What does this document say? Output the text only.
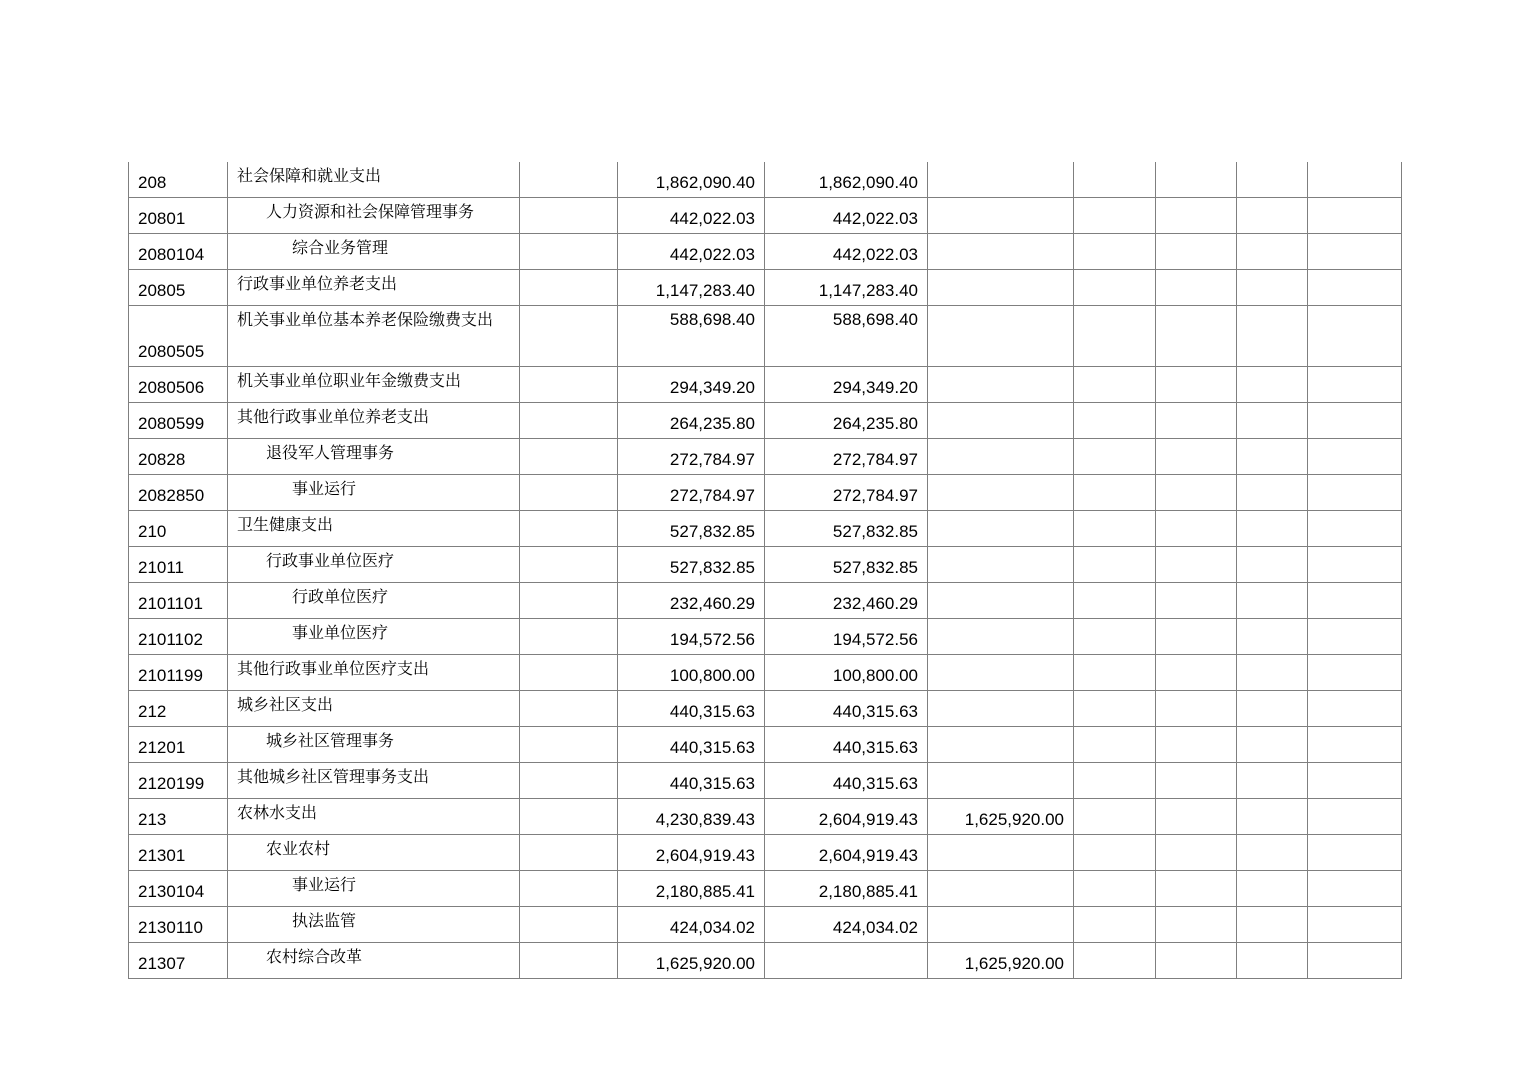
208	社会保障和就业支出		1,862,090.40	1,862,090.40					
20801	人力资源和社会保障管理事务		442,022.03	442,022.03					
2080104	综合业务管理		442,022.03	442,022.03					
20805	行政事业单位养老支出		1,147,283.40	1,147,283.40					
2080505	机关事业单位基本养老保险缴费支出		588,698.40	588,698.40					
2080506	机关事业单位职业年金缴费支出		294,349.20	294,349.20					
2080599	其他行政事业单位养老支出		264,235.80	264,235.80					
20828	退役军人管理事务		272,784.97	272,784.97					
2082850	事业运行		272,784.97	272,784.97					
210	卫生健康支出		527,832.85	527,832.85					
21011	行政事业单位医疗		527,832.85	527,832.85					
2101101	行政单位医疗		232,460.29	232,460.29					
2101102	事业单位医疗		194,572.56	194,572.56					
2101199	其他行政事业单位医疗支出		100,800.00	100,800.00					
212	城乡社区支出		440,315.63	440,315.63					
21201	城乡社区管理事务		440,315.63	440,315.63					
2120199	其他城乡社区管理事务支出		440,315.63	440,315.63					
213	农林水支出		4,230,839.43	2,604,919.43	1,625,920.00				
21301	农业农村		2,604,919.43	2,604,919.43					
2130104	事业运行		2,180,885.41	2,180,885.41					
2130110	执法监管		424,034.02	424,034.02					
21307	农村综合改革		1,625,920.00		1,625,920.00				
